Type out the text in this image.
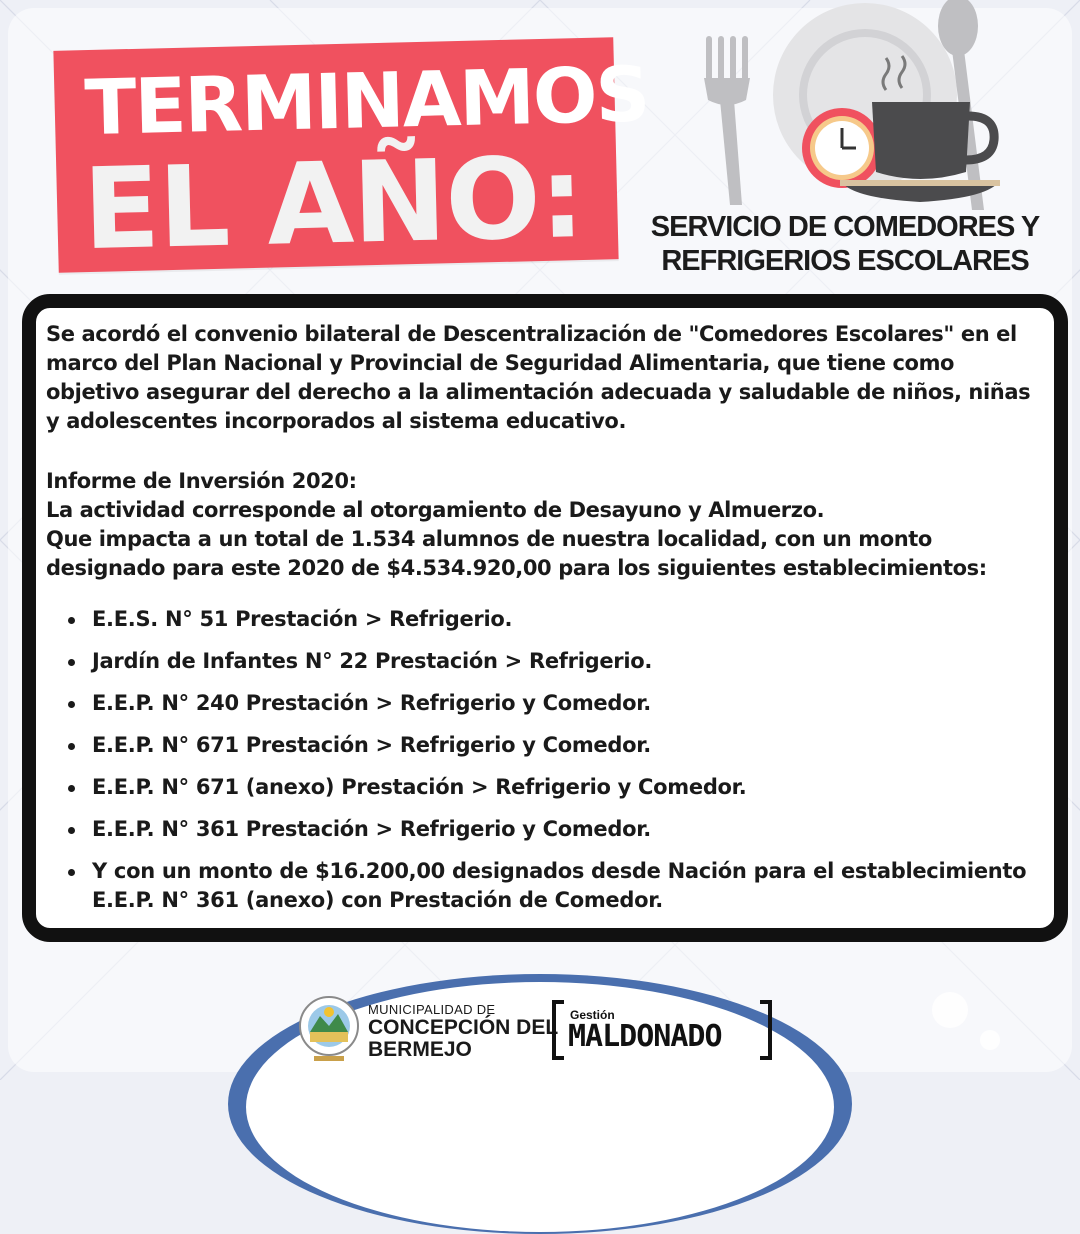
TERMINAMOS
EL AÑO:	SERVICIO DE COMEDORES Y
REFRIGERIOS ESCOLARES

Se acordó el convenio bilateral de Descentralización de "Comedores Escolares" en el marco del Plan Nacional y Provincial de Seguridad Alimentaria, que tiene como objetivo asegurar del derecho a la alimentación adecuada y saludable de niños, niñas y adolescentes incorporados al sistema educativo.

Informe de Inversión 2020:

La actividad corresponde al otorgamiento de Desayuno y Almuerzo.

Que impacta a un total de 1.534 alumnos de nuestra localidad, con un monto designado para este 2020 de $4.534.920,00 para los siguientes establecimientos:

E.E.S. N° 51 Prestación > Refrigerio.
Jardín de Infantes N° 22 Prestación > Refrigerio.
E.E.P. N° 240 Prestación > Refrigerio y Comedor.
E.E.P. N° 671 Prestación > Refrigerio y Comedor.
E.E.P. N° 671 (anexo) Prestación > Refrigerio y Comedor.
E.E.P. N° 361 Prestación > Refrigerio y Comedor.
Y con un monto de $16.200,00 designados desde Nación para el establecimiento E.E.P. N° 361 (anexo) con Prestación de Comedor.
MUNICIPALIDAD DE
CONCEPCIÓN DEL
BERMEJO
Gestión
MALDONADO
